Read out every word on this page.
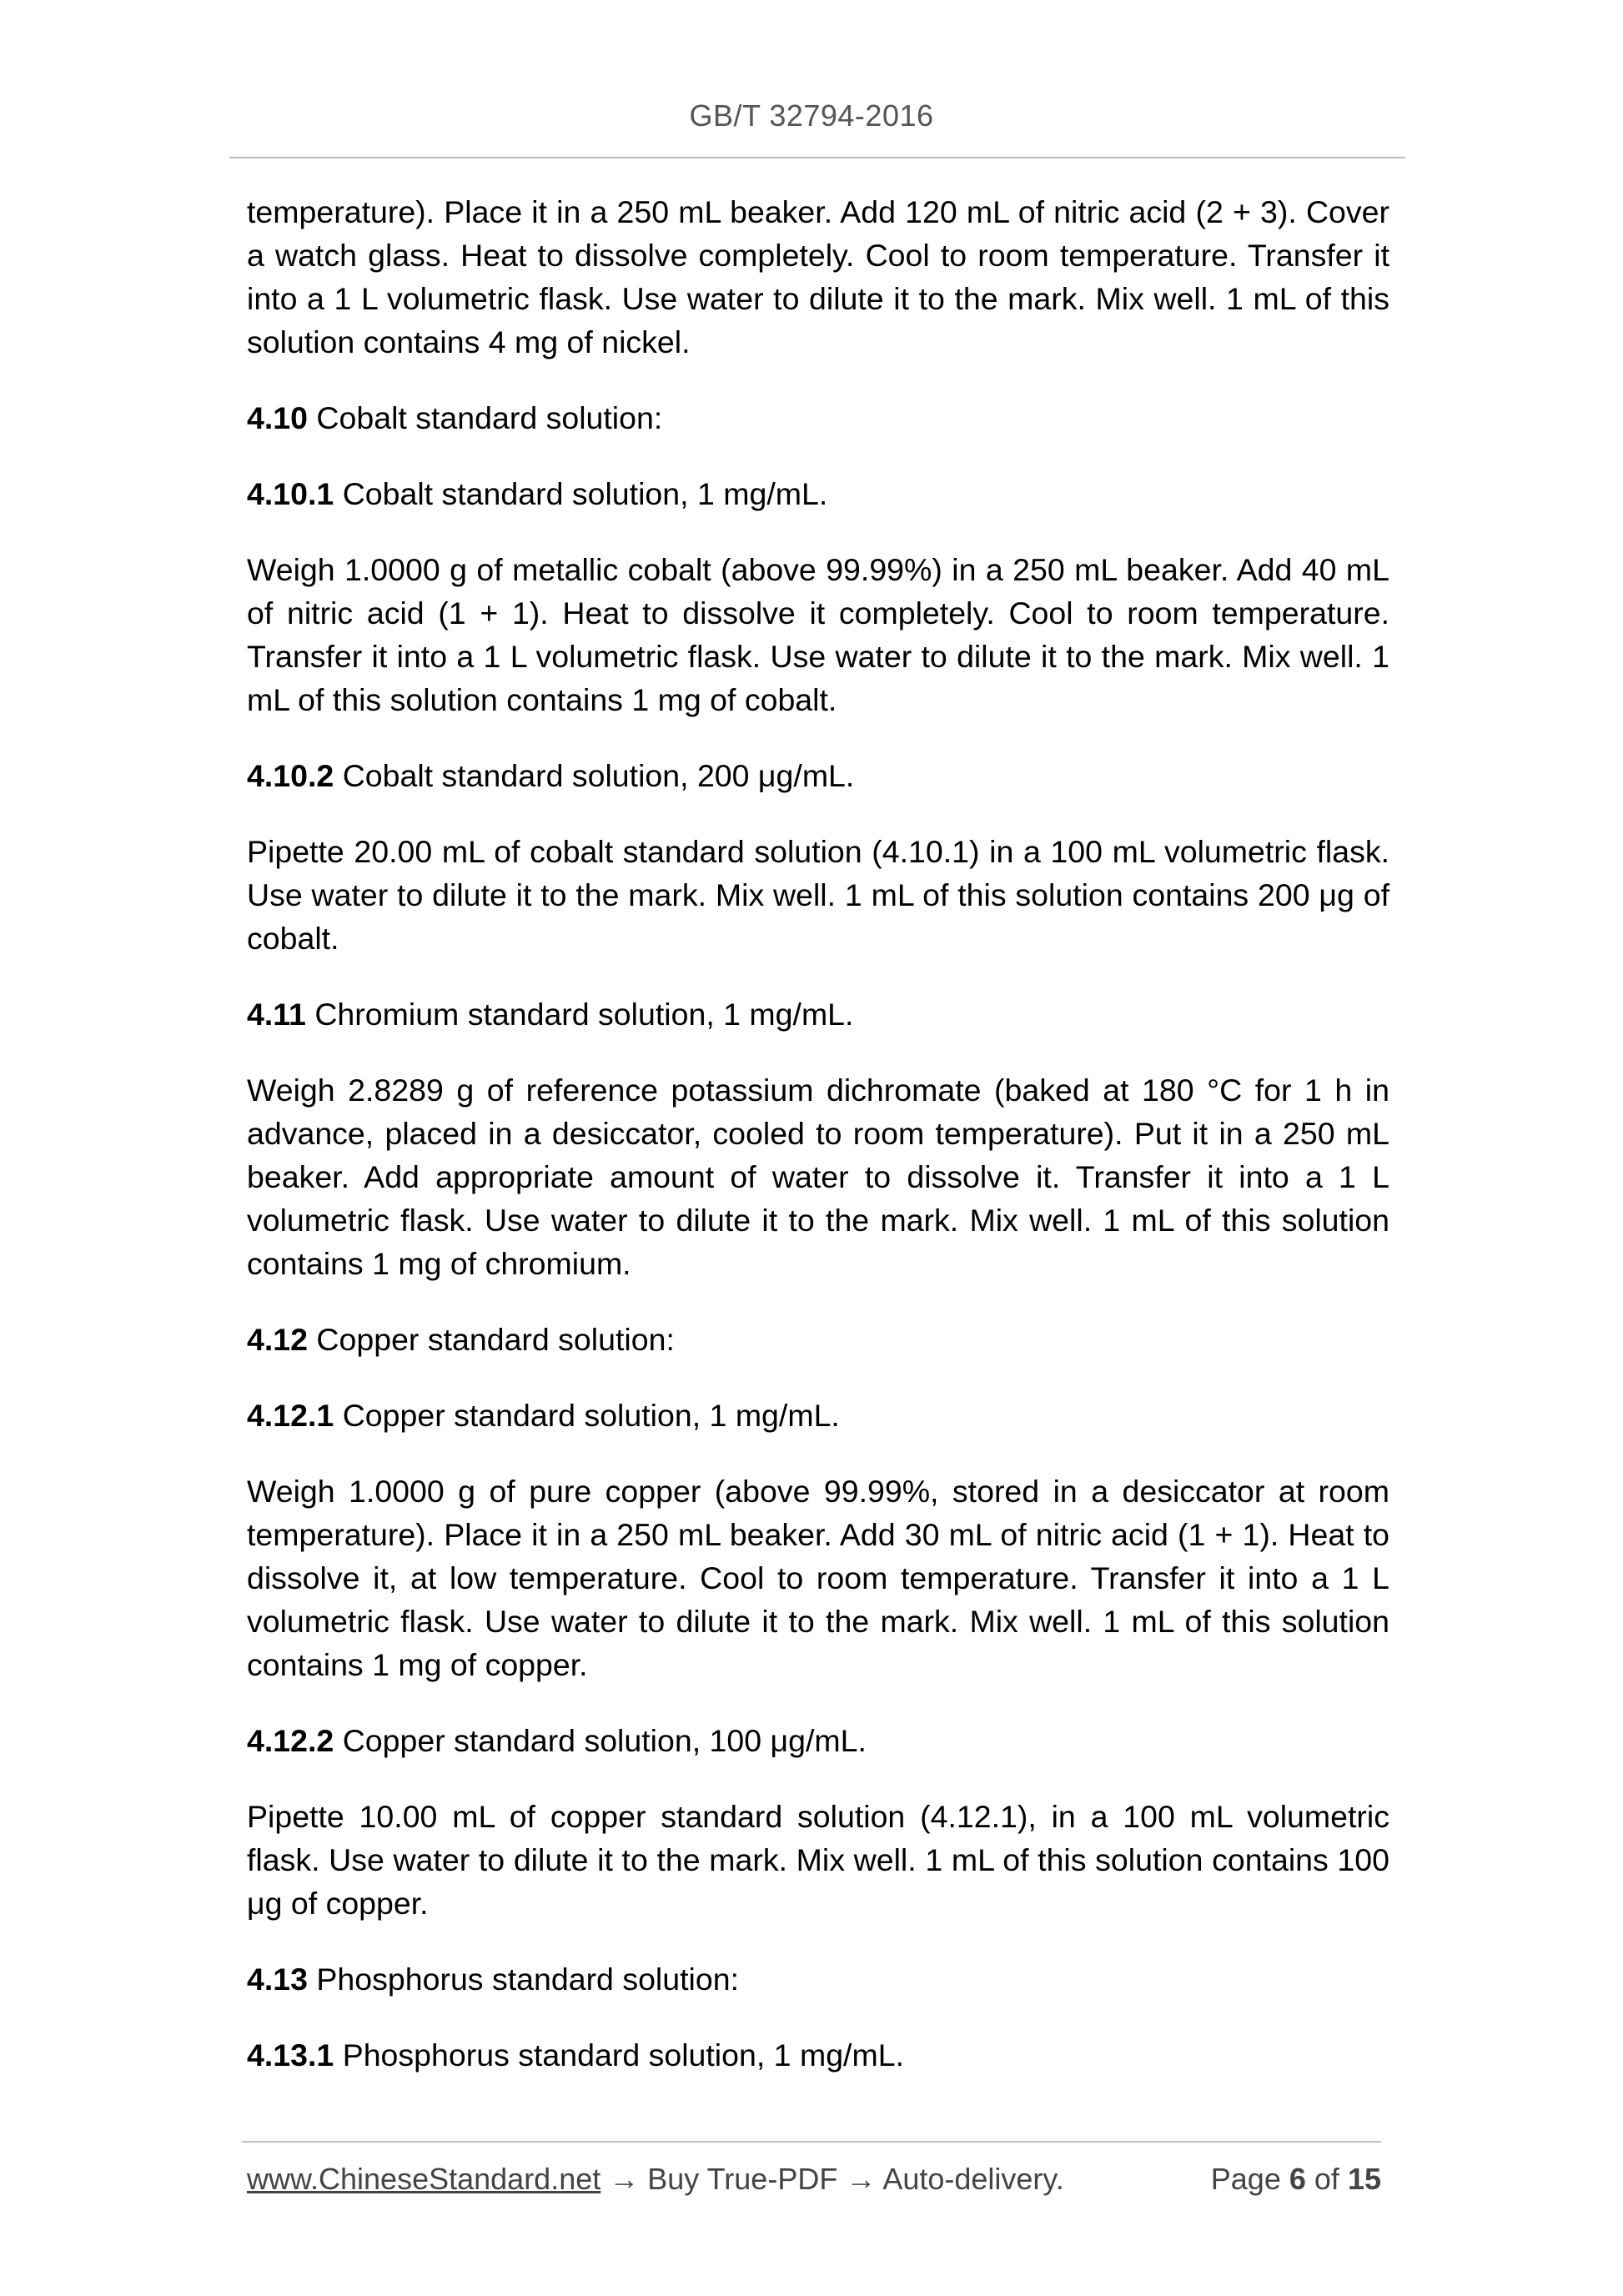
GB/T 32794-2016

temperature). Place it in a 250 mL beaker. Add 120 mL of nitric acid (2 + 3). Cover a watch glass. Heat to dissolve completely. Cool to room temperature. Transfer it into a 1 L volumetric flask. Use water to dilute it to the mark. Mix well. 1 mL of this solution contains 4 mg of nickel.

4.10 Cobalt standard solution:

4.10.1 Cobalt standard solution, 1 mg/mL.

Weigh 1.0000 g of metallic cobalt (above 99.99%) in a 250 mL beaker. Add 40 mL of nitric acid (1 + 1). Heat to dissolve it completely. Cool to room temperature. Transfer it into a 1 L volumetric flask. Use water to dilute it to the mark. Mix well. 1 mL of this solution contains 1 mg of cobalt.

4.10.2 Cobalt standard solution, 200 μg/mL.

Pipette 20.00 mL of cobalt standard solution (4.10.1) in a 100 mL volumetric flask. Use water to dilute it to the mark. Mix well. 1 mL of this solution contains 200 μg of cobalt.

4.11 Chromium standard solution, 1 mg/mL.

Weigh 2.8289 g of reference potassium dichromate (baked at 180 °C for 1 h in advance, placed in a desiccator, cooled to room temperature). Put it in a 250 mL beaker. Add appropriate amount of water to dissolve it. Transfer it into a 1 L volumetric flask. Use water to dilute it to the mark. Mix well. 1 mL of this solution contains 1 mg of chromium.

4.12 Copper standard solution:

4.12.1 Copper standard solution, 1 mg/mL.

Weigh 1.0000 g of pure copper (above 99.99%, stored in a desiccator at room temperature). Place it in a 250 mL beaker. Add 30 mL of nitric acid (1 + 1). Heat to dissolve it, at low temperature. Cool to room temperature. Transfer it into a 1 L volumetric flask. Use water to dilute it to the mark. Mix well. 1 mL of this solution contains 1 mg of copper.

4.12.2 Copper standard solution, 100 μg/mL.

Pipette 10.00 mL of copper standard solution (4.12.1), in a 100 mL volumetric flask. Use water to dilute it to the mark. Mix well. 1 mL of this solution contains 100 μg of copper.

4.13 Phosphorus standard solution:

4.13.1 Phosphorus standard solution, 1 mg/mL.

www.ChineseStandard.net → Buy True-PDF → Auto-delivery.	Page 6 of 15
